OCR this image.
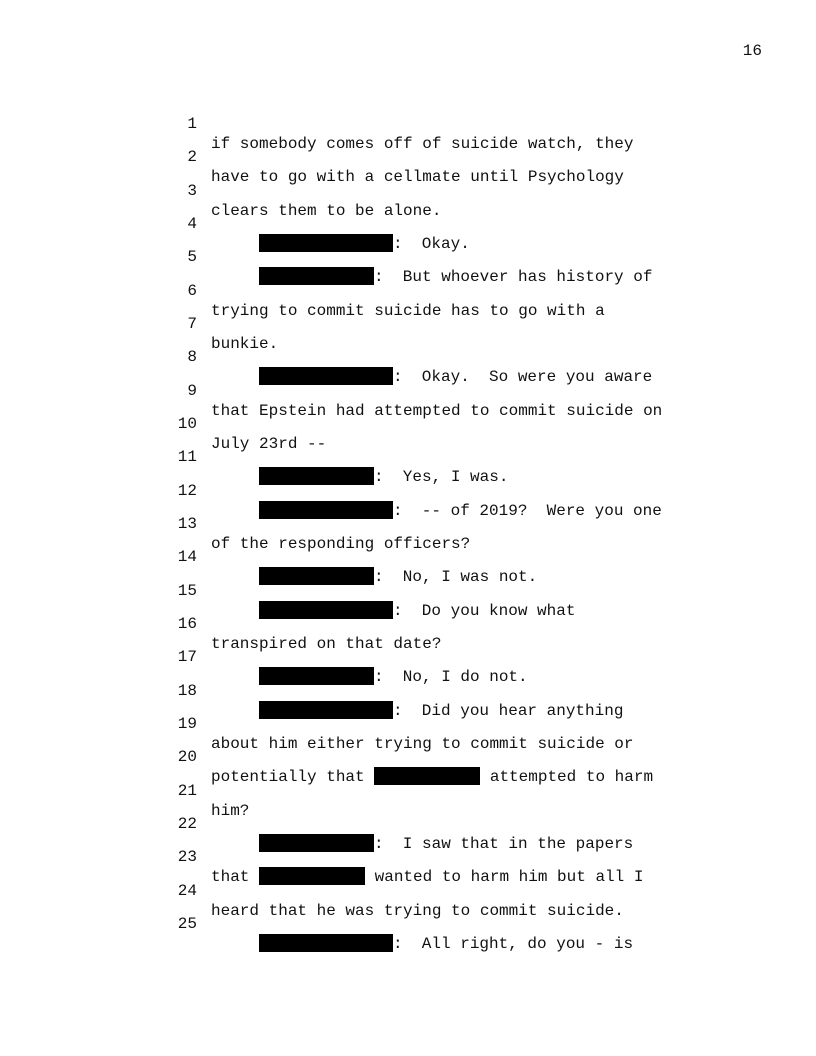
16

1

if somebody comes off of suicide watch, they

2

have to go with a cellmate until Psychology

3

clears them to be alone.

4

:  Okay.

5

:  But whoever has history of

6

trying to commit suicide has to go with a

7

bunkie.

8

:  Okay.  So were you aware

9

that Epstein had attempted to commit suicide on

10

July 23rd --

11

:  Yes, I was.

12

:  -- of 2019?  Were you one

13

of the responding officers?

14

:  No, I was not.

15

:  Do you know what

16

transpired on that date?

17

:  No, I do not.

18

:  Did you hear anything

19

about him either trying to commit suicide or

20

potentially that	attempted to harm

21

him?

22

:  I saw that in the papers

23

that	wanted to harm him but all I

24

heard that he was trying to commit suicide.

25

:  All right, do you - is
